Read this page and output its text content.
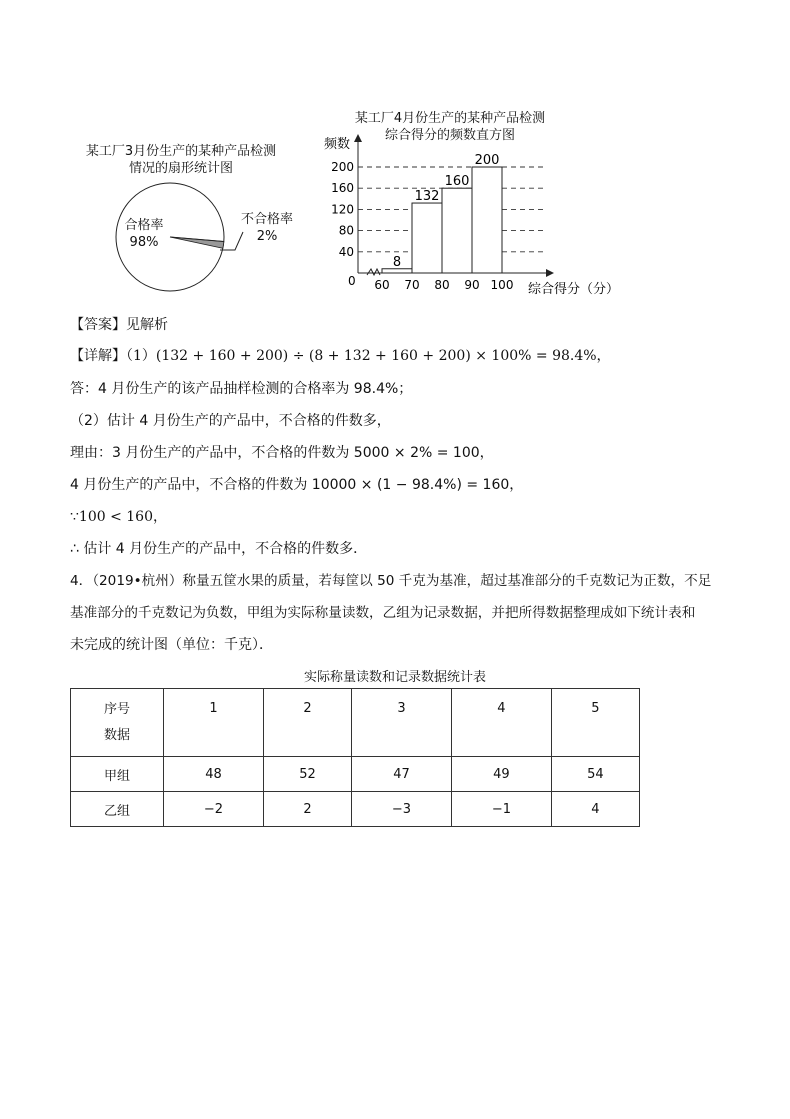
某工厂3月份生产的某种产品检测
情况的扇形统计图
合格率
98%
不合格率
2%
某工厂4月份生产的某种产品检测
综合得分的频数直方图
频数
综合得分（分）
0
40
80
120
160
200
8
132
160
200
60 70 80 90 100
【答案】见解析
【详解】（1）(132 + 160 + 200) ÷ (8 + 132 + 160 + 200) × 100% = 98.4%，
答：4 月份生产的该产品抽样检测的合格率为 98.4%；
（2）估计 4 月份生产的产品中，不合格的件数多，
理由：3 月份生产的产品中，不合格的件数为 5000 × 2% = 100，
4 月份生产的产品中，不合格的件数为 10000 × (1 − 98.4%) = 160，
∵100 < 160，
∴ 估计 4 月份生产的产品中，不合格的件数多．
4．（2019•杭州）称量五筐水果的质量，若每筐以 50 千克为基准，超过基准部分的千克数记为正数，不足
基准部分的千克数记为负数，甲组为实际称量读数，乙组为记录数据，并把所得数据整理成如下统计表和
未完成的统计图（单位：千克）．
实际称量读数和记录数据统计表
序号
数据	1	2	3	4	5
甲组	48	52	47	49	54
乙组	−2	2	−3	−1	4
